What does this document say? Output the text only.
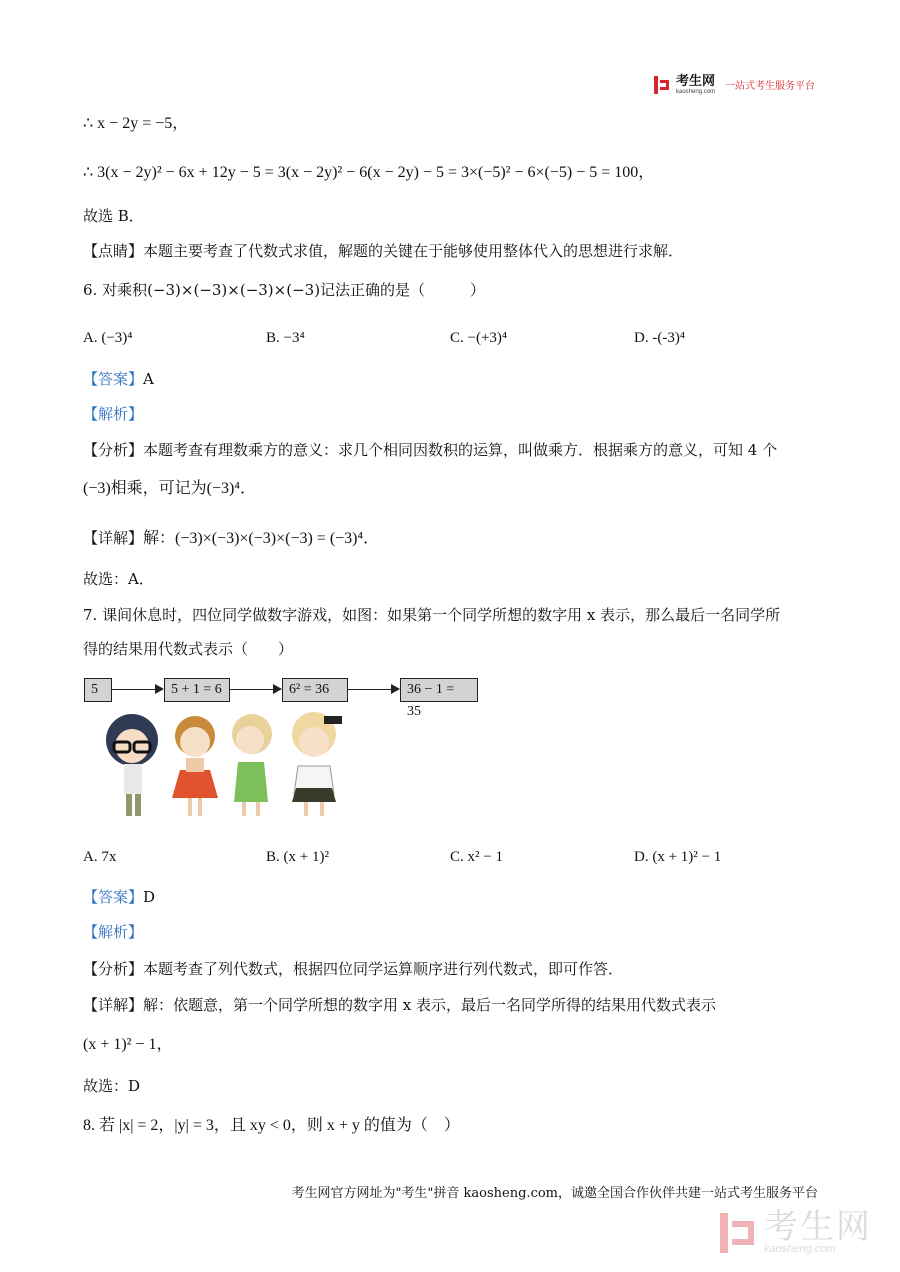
考生网
kaosheng.com 一站式考生服务平台
∴ x − 2y = −5，
∴ 3(x − 2y)² − 6x + 12y − 5 = 3(x − 2y)² − 6(x − 2y) − 5 = 3×(−5)² − 6×(−5) − 5 = 100，
故选 B．
【点睛】本题主要考查了代数式求值，解题的关键在于能够使用整体代入的思想进行求解．
6. 对乘积(−3)×(−3)×(−3)×(−3)记法正确的是（　　　）
A. (−3)⁴	B. −3⁴	C. −(+3)⁴	D. -(-3)⁴
【答案】A
【解析】
【分析】本题考查有理数乘方的意义：求几个相同因数积的运算，叫做乘方．根据乘方的意义，可知 4 个
(−3)相乘，可记为(−3)⁴．
【详解】解：(−3)×(−3)×(−3)×(−3) = (−3)⁴．
故选：A．
7. 课间休息时，四位同学做数字游戏，如图：如果第一个同学所想的数字用 x 表示，那么最后一名同学所
得的结果用代数式表示（　　）
5	5 + 1 = 6	6² = 36	36 − 1 = 35
A. 7x	B. (x + 1)²	C. x² − 1	D. (x + 1)² − 1
【答案】D
【解析】
【分析】本题考查了列代数式，根据四位同学运算顺序进行列代数式，即可作答．
【详解】解：依题意，第一个同学所想的数字用 x 表示，最后一名同学所得的结果用代数式表示
(x + 1)² − 1，
故选：D
8. 若 |x| = 2，|y| = 3，且 xy < 0，则 x + y 的值为（　）
考生网官方网址为"考生"拼音 kaosheng.com，诚邀全国合作伙伴共建一站式考生服务平台
考生网
kaosheng.com
